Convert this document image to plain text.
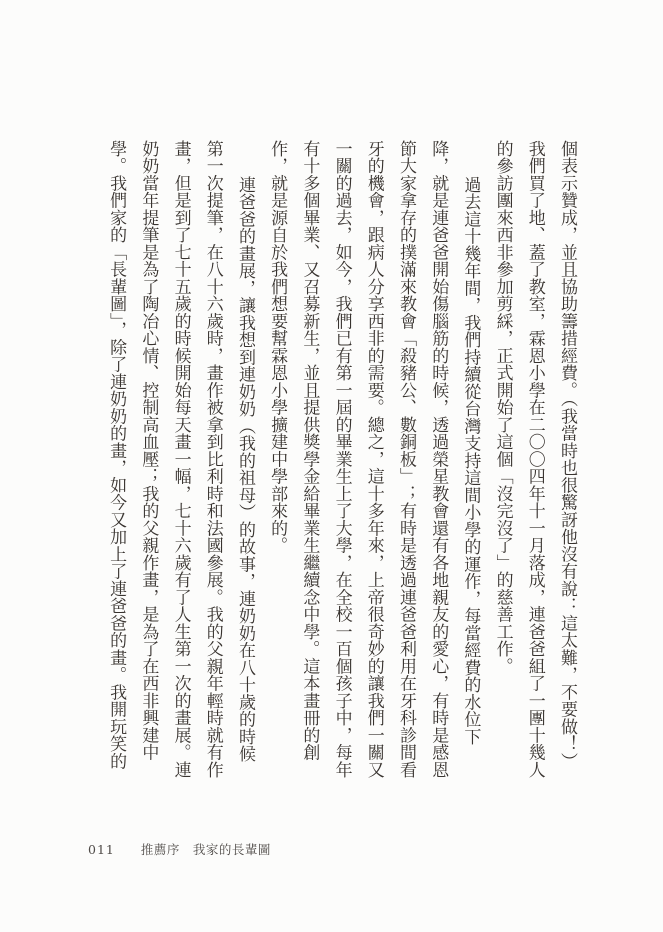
個表示贊成，並且協助籌措經費。（我當時也很驚訝他沒有說：這太難，不要做！）
我們買了地、蓋了教室，霖恩小學在二〇〇四年十一月落成，連爸爸組了一團十幾人
的參訪團來西非參加剪綵，正式開始了這個「沒完沒了」的慈善工作。
過去這十幾年間，我們持續從台灣支持這間小學的運作，每當經費的水位下
降，就是連爸爸開始傷腦筋的時候，透過榮星教會還有各地親友的愛心，有時是感恩
節大家拿存的撲滿來教會「殺豬公、數銅板」；有時是透過連爸爸利用在牙科診間看
牙的機會，跟病人分享西非的需要。總之，這十多年來，上帝很奇妙的讓我們一關又
一關的過去，如今，我們已有第一屆的畢業生上了大學，在全校一百個孩子中，每年
有十多個畢業、又召募新生，並且提供獎學金給畢業生繼續念中學。這本畫冊的創
作，就是源自於我們想要幫霖恩小學擴建中學部來的。
連爸爸的畫展，讓我想到連奶奶（我的祖母）的故事，連奶奶在八十歲的時候
第一次提筆，在八十六歲時，畫作被拿到比利時和法國參展。我的父親年輕時就有作
畫，但是到了七十五歲的時候開始每天畫一幅，七十六歲有了人生第一次的畫展。連
奶奶當年提筆是為了陶冶心情、控制高血壓；我的父親作畫，是為了在西非興建中
學。我們家的「長輩圖」，除了連奶奶的畫，如今又加上了連爸爸的畫。我開玩笑的
011 推薦序 我家的長輩圖
